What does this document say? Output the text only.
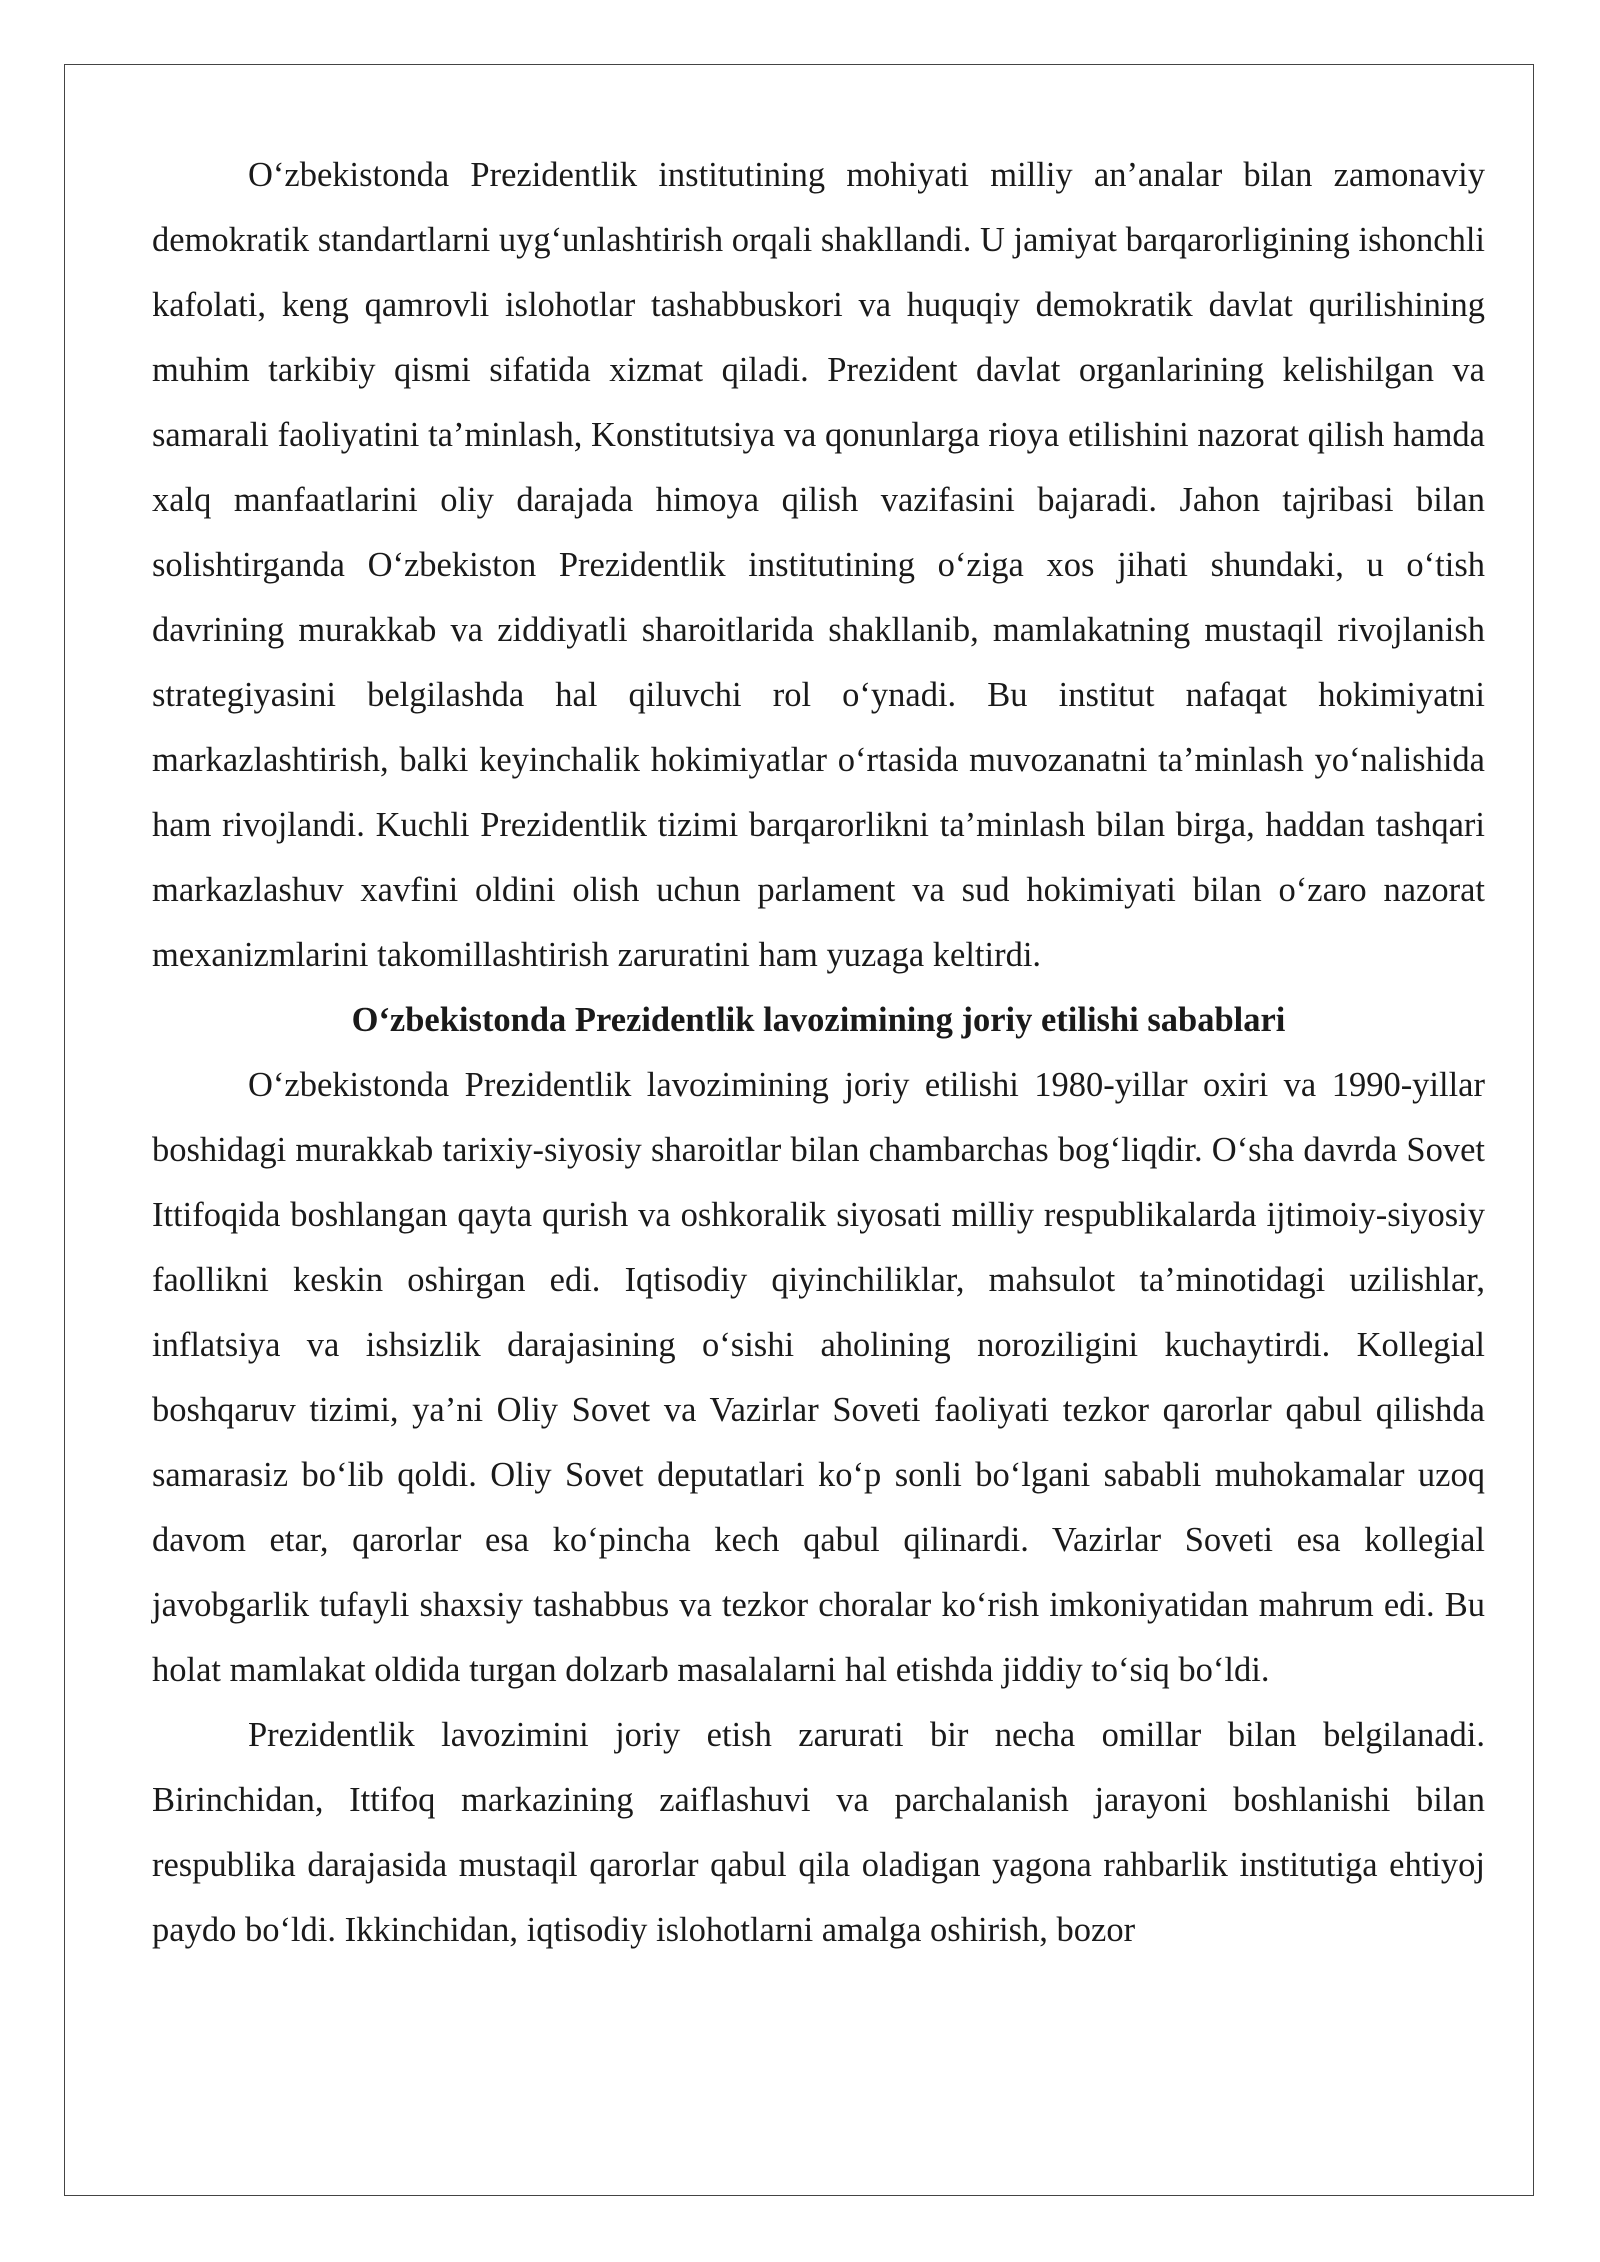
O‘zbekistonda Prezidentlik institutining mohiyati milliy an’analar bilan zamonaviy demokratik standartlarni uyg‘unlashtirish orqali shakllandi. U jamiyat barqarorligining ishonchli kafolati, keng qamrovli islohotlar tashabbuskori va huquqiy demokratik davlat qurilishining muhim tarkibiy qismi sifatida xizmat qiladi. Prezident davlat organlarining kelishilgan va samarali faoliyatini ta’minlash, Konstitutsiya va qonunlarga rioya etilishini nazorat qilish hamda xalq manfaatlarini oliy darajada himoya qilish vazifasini bajaradi. Jahon tajribasi bilan solishtirganda O‘zbekiston Prezidentlik institutining o‘ziga xos jihati shundaki, u o‘tish davrining murakkab va ziddiyatli sharoitlarida shakllanib, mamlakatning mustaqil rivojlanish strategiyasini belgilashda hal qiluvchi rol o‘ynadi. Bu institut nafaqat hokimiyatni markazlashtirish, balki keyinchalik hokimiyatlar o‘rtasida muvozanatni ta’minlash yo‘nalishida ham rivojlandi. Kuchli Prezidentlik tizimi barqarorlikni ta’minlash bilan birga, haddan tashqari markazlashuv xavfini oldini olish uchun parlament va sud hokimiyati bilan o‘zaro nazorat mexanizmlarini takomillashtirish zaruratini ham yuzaga keltirdi.

O‘zbekistonda Prezidentlik lavozimining joriy etilishi sabablari

O‘zbekistonda Prezidentlik lavozimining joriy etilishi 1980-yillar oxiri va 1990-yillar boshidagi murakkab tarixiy-siyosiy sharoitlar bilan chambarchas bog‘liqdir. O‘sha davrda Sovet Ittifoqida boshlangan qayta qurish va oshkoralik siyosati milliy respublikalarda ijtimoiy-siyosiy faollikni keskin oshirgan edi. Iqtisodiy qiyinchiliklar, mahsulot ta’minotidagi uzilishlar, inflatsiya va ishsizlik darajasining o‘sishi aholining noroziligini kuchaytirdi. Kollegial boshqaruv tizimi, ya’ni Oliy Sovet va Vazirlar Soveti faoliyati tezkor qarorlar qabul qilishda samarasiz bo‘lib qoldi. Oliy Sovet deputatlari ko‘p sonli bo‘lgani sababli muhokamalar uzoq davom etar, qarorlar esa ko‘pincha kech qabul qilinardi. Vazirlar Soveti esa kollegial javobgarlik tufayli shaxsiy tashabbus va tezkor choralar ko‘rish imkoniyatidan mahrum edi. Bu holat mamlakat oldida turgan dolzarb masalalarni hal etishda jiddiy to‘siq bo‘ldi.

Prezidentlik lavozimini joriy etish zarurati bir necha omillar bilan belgilanadi. Birinchidan, Ittifoq markazining zaiflashuvi va parchalanish jarayoni boshlanishi bilan respublika darajasida mustaqil qarorlar qabul qila oladigan yagona rahbarlik institutiga ehtiyoj paydo bo‘ldi. Ikkinchidan, iqtisodiy islohotlarni amalga oshirish, bozor
